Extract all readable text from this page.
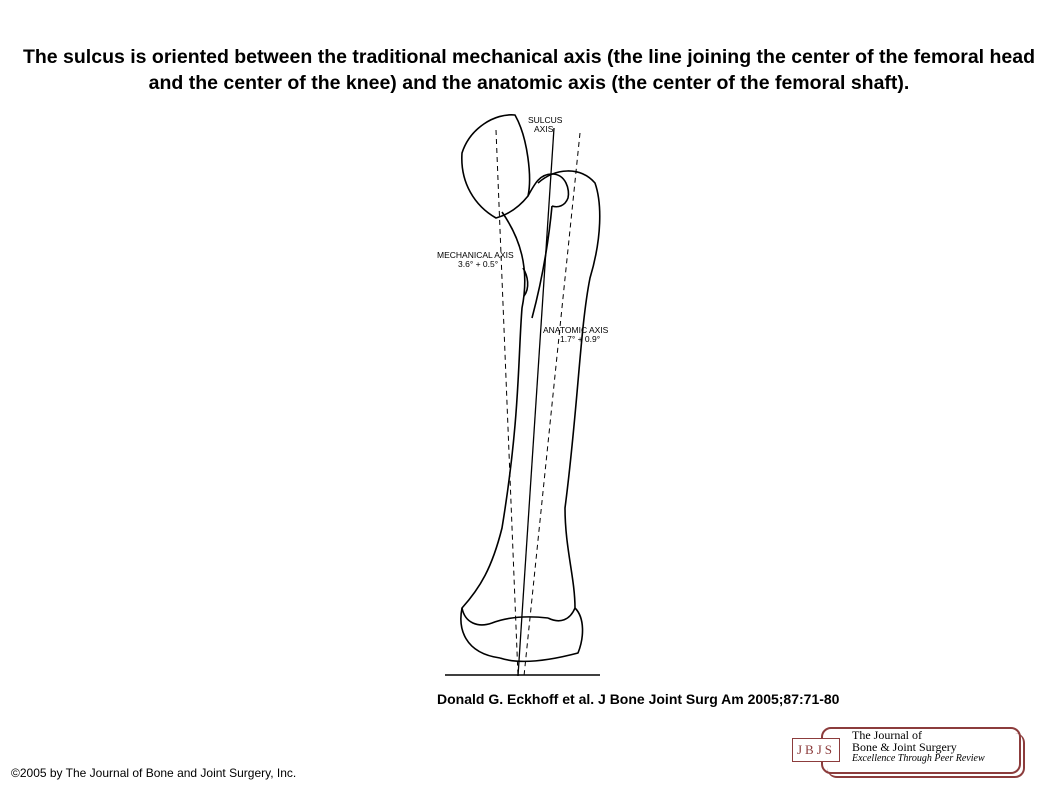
The sulcus is oriented between the traditional mechanical axis (the line joining the center of the femoral head and the center of the knee) and the anatomic axis (the center of the femoral shaft).
SULCUS
AXIS
MECHANICAL AXIS
3.6° + 0.5°
ANATOMIC AXIS
1.7° + 0.9°
Donald G. Eckhoff et al. J Bone Joint Surg Am 2005;87:71-80
©2005 by The Journal of Bone and Joint Surgery, Inc.
JBJS
The Journal of
Bone & Joint Surgery
Excellence Through Peer Review
